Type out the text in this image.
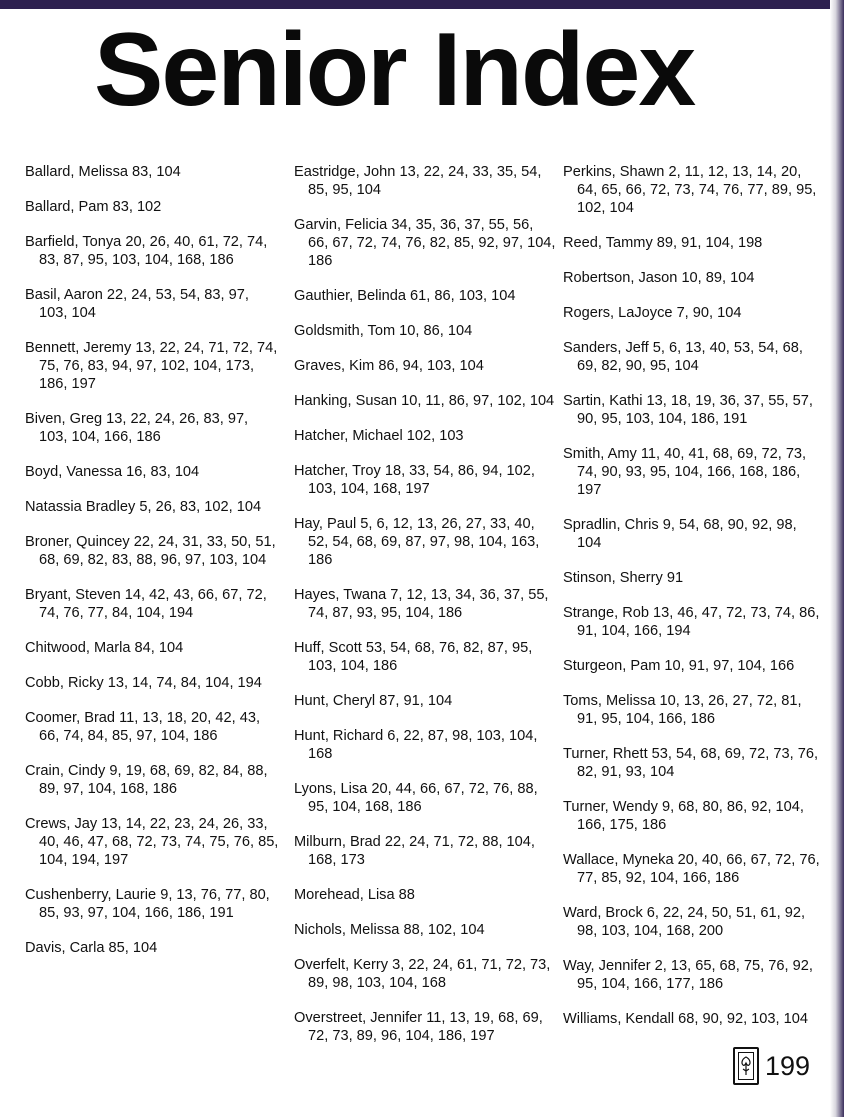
Senior Index

Ballard, Melissa 83, 104

Ballard, Pam 83, 102

Barfield, Tonya 20, 26, 40, 61, 72, 74, 83, 87, 95, 103, 104, 168, 186

Basil, Aaron 22, 24, 53, 54, 83, 97, 103, 104

Bennett, Jeremy 13, 22, 24, 71, 72, 74, 75, 76, 83, 94, 97, 102, 104, 173, 186, 197

Biven, Greg 13, 22, 24, 26, 83, 97, 103, 104, 166, 186

Boyd, Vanessa 16, 83, 104

Natassia Bradley 5, 26, 83, 102, 104

Broner, Quincey 22, 24, 31, 33, 50, 51, 68, 69, 82, 83, 88, 96, 97, 103, 104

Bryant, Steven 14, 42, 43, 66, 67, 72, 74, 76, 77, 84, 104, 194

Chitwood, Marla 84, 104

Cobb, Ricky 13, 14, 74, 84, 104, 194

Coomer, Brad 11, 13, 18, 20, 42, 43, 66, 74, 84, 85, 97, 104, 186

Crain, Cindy 9, 19, 68, 69, 82, 84, 88, 89, 97, 104, 168, 186

Crews, Jay 13, 14, 22, 23, 24, 26, 33, 40, 46, 47, 68, 72, 73, 74, 75, 76, 85, 104, 194, 197

Cushenberry, Laurie 9, 13, 76, 77, 80, 85, 93, 97, 104, 166, 186, 191

Davis, Carla 85, 104

Eastridge, John 13, 22, 24, 33, 35, 54, 85, 95, 104

Garvin, Felicia 34, 35, 36, 37, 55, 56, 66, 67, 72, 74, 76, 82, 85, 92, 97, 104, 186

Gauthier, Belinda 61, 86, 103, 104

Goldsmith, Tom 10, 86, 104

Graves, Kim 86, 94, 103, 104

Hanking, Susan 10, 11, 86, 97, 102, 104

Hatcher, Michael 102, 103

Hatcher, Troy 18, 33, 54, 86, 94, 102, 103, 104, 168, 197

Hay, Paul 5, 6, 12, 13, 26, 27, 33, 40, 52, 54, 68, 69, 87, 97, 98, 104, 163, 186

Hayes, Twana 7, 12, 13, 34, 36, 37, 55, 74, 87, 93, 95, 104, 186

Huff, Scott 53, 54, 68, 76, 82, 87, 95, 103, 104, 186

Hunt, Cheryl 87, 91, 104

Hunt, Richard 6, 22, 87, 98, 103, 104, 168

Lyons, Lisa 20, 44, 66, 67, 72, 76, 88, 95, 104, 168, 186

Milburn, Brad 22, 24, 71, 72, 88, 104, 168, 173

Morehead, Lisa 88

Nichols, Melissa 88, 102, 104

Overfelt, Kerry 3, 22, 24, 61, 71, 72, 73, 89, 98, 103, 104, 168

Overstreet, Jennifer 11, 13, 19, 68, 69, 72, 73, 89, 96, 104, 186, 197

Perkins, Shawn 2, 11, 12, 13, 14, 20, 64, 65, 66, 72, 73, 74, 76, 77, 89, 95, 102, 104

Reed, Tammy 89, 91, 104, 198

Robertson, Jason 10, 89, 104

Rogers, LaJoyce 7, 90, 104

Sanders, Jeff 5, 6, 13, 40, 53, 54, 68, 69, 82, 90, 95, 104

Sartin, Kathi 13, 18, 19, 36, 37, 55, 57, 90, 95, 103, 104, 186, 191

Smith, Amy 11, 40, 41, 68, 69, 72, 73, 74, 90, 93, 95, 104, 166, 168, 186, 197

Spradlin, Chris 9, 54, 68, 90, 92, 98, 104

Stinson, Sherry 91

Strange, Rob 13, 46, 47, 72, 73, 74, 86, 91, 104, 166, 194

Sturgeon, Pam 10, 91, 97, 104, 166

Toms, Melissa 10, 13, 26, 27, 72, 81, 91, 95, 104, 166, 186

Turner, Rhett 53, 54, 68, 69, 72, 73, 76, 82, 91, 93, 104

Turner, Wendy 9, 68, 80, 86, 92, 104, 166, 175, 186

Wallace, Myneka 20, 40, 66, 67, 72, 76, 77, 85, 92, 104, 166, 186

Ward, Brock 6, 22, 24, 50, 51, 61, 92, 98, 103, 104, 168, 200

Way, Jennifer 2, 13, 65, 68, 75, 76, 92, 95, 104, 166, 177, 186

Williams, Kendall 68, 90, 92, 103, 104

199
